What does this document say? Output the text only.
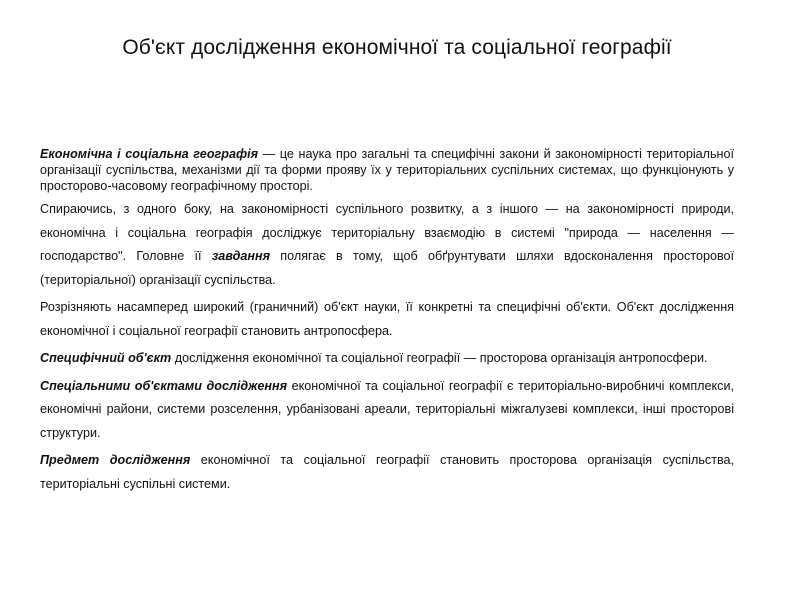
Об'єкт дослідження економічної та соціальної географії

Економічна і соціальна географія — це наука про загальні та специфічні закони й закономірності територіальної організації суспільства, механізми дії та форми прояву їх у територіальних суспільних системах, що функціонують у просторово-часовому географічному просторі.

Спираючись, з одного боку, на закономірності суспільного розвитку, а з іншого — на закономірності природи, економічна і соціальна географія досліджує територіальну взаємодію в системі "природа — населення — господарство". Головне її завдання полягає в тому, щоб обґрунтувати шляхи вдосконалення просторової (територіальної) організації суспільства.

Розрізняють насамперед широкий (граничний) об'єкт науки, її конкретні та специфічні об'єкти. Об'єкт дослідження економічної і соціальної географії становить антропосфера.

Специфічний об'єкт дослідження економічної та соціальної географії — просторова організація антропосфери.

Спеціальними об'єктами дослідження економічної та соціальної географії є територіально-виробничі комплекси, економічні райони, системи розселення, урбанізовані ареали, територіальні міжгалузеві комплекси, інші просторові структури.

Предмет дослідження економічної та соціальної географії становить просторова організація суспільства, територіальні суспільні системи.
